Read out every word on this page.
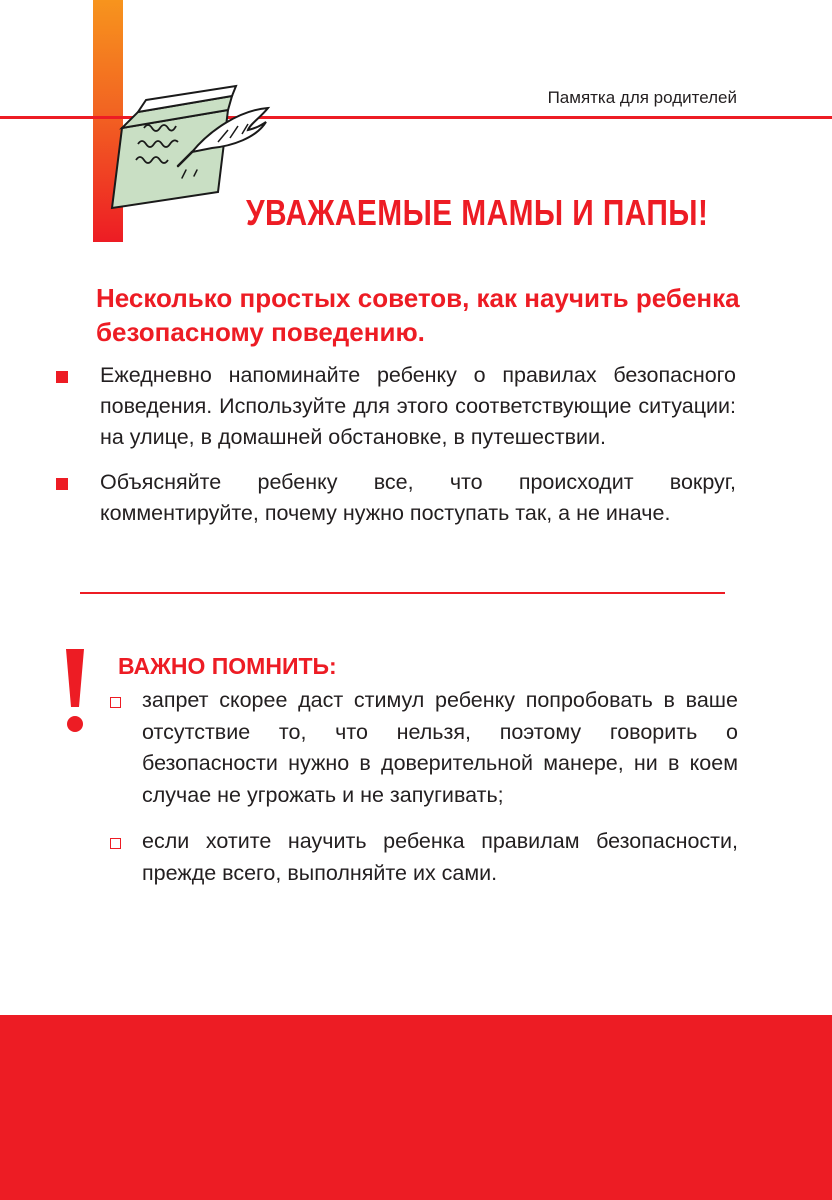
Памятка для родителей
УВАЖАЕМЫЕ МАМЫ И ПАПЫ!
Несколько простых советов, как научить ребенка безопасному поведению.
Ежедневно напоминайте ребенку о правилах безопасного поведения. Используйте для этого соответствующие ситуации: на улице, в домашней обстановке, в путешествии.
Объясняйте ребенку все, что происходит вокруг, комментируйте, почему нужно поступать так, а не иначе.
ВАЖНО ПОМНИТЬ:
запрет скорее даст стимул ребенку попробовать в ваше отсутствие то, что нельзя, поэтому говорить о безопасности нужно в доверительной манере, ни в коем случае не угрожать и не запугивать;
если хотите научить ребенка правилам безопасности, прежде всего, выполняйте их сами.
